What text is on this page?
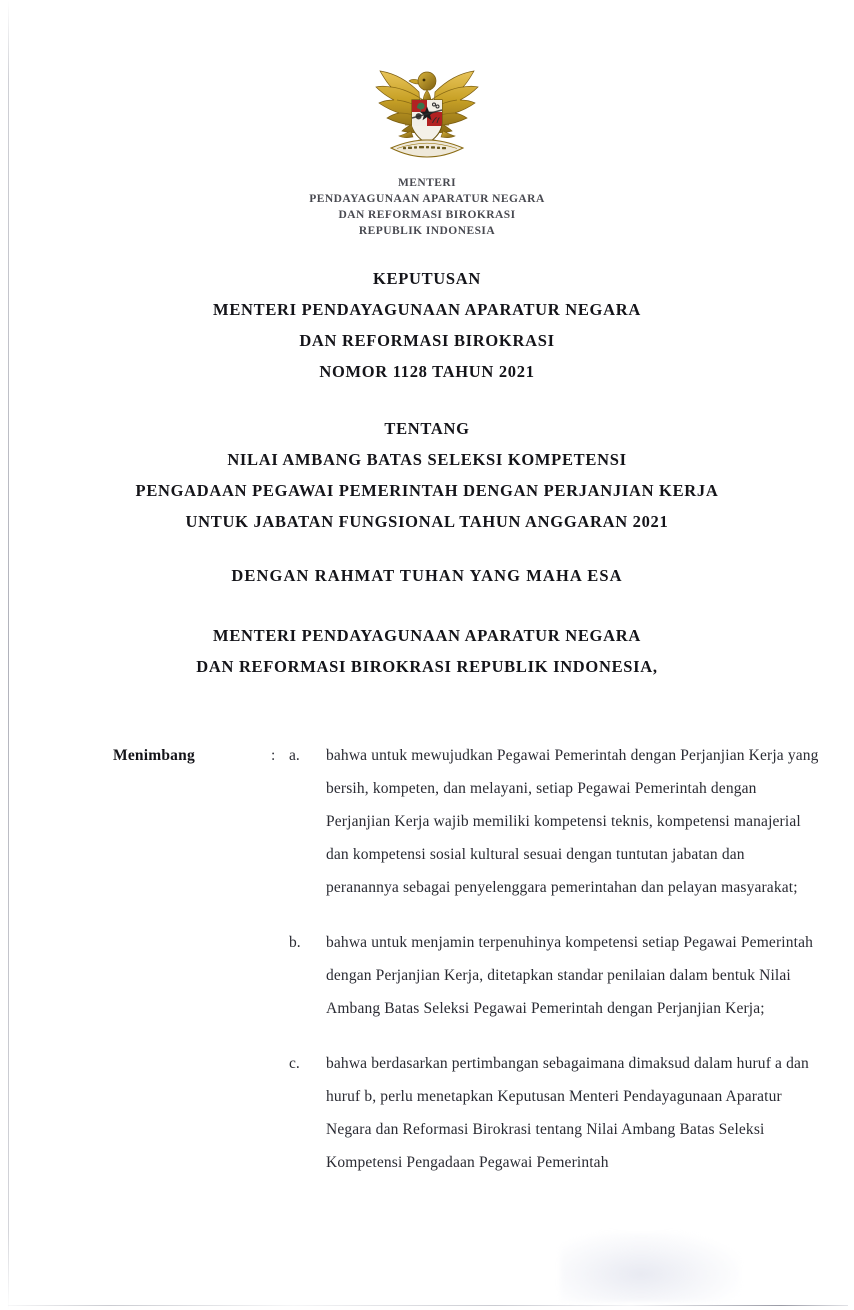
MENTERI
PENDAYAGUNAAN APARATUR NEGARA
DAN REFORMASI BIROKRASI
REPUBLIK INDONESIA
KEPUTUSAN
MENTERI PENDAYAGUNAAN APARATUR NEGARA
DAN REFORMASI BIROKRASI
NOMOR 1128 TAHUN 2021
TENTANG
NILAI AMBANG BATAS SELEKSI KOMPETENSI
PENGADAAN PEGAWAI PEMERINTAH DENGAN PERJANJIAN KERJA
UNTUK JABATAN FUNGSIONAL TAHUN ANGGARAN 2021
DENGAN RAHMAT TUHAN YANG MAHA ESA
MENTERI PENDAYAGUNAAN APARATUR NEGARA
DAN REFORMASI BIROKRASI REPUBLIK INDONESIA,
Menimbang	: a. bahwa untuk mewujudkan Pegawai Pemerintah dengan Perjanjian Kerja yang bersih, kompeten, dan melayani, setiap Pegawai Pemerintah dengan Perjanjian Kerja wajib memiliki kompetensi teknis, kompetensi manajerial dan kompetensi sosial kultural sesuai dengan tuntutan jabatan dan peranannya sebagai penyelenggara pemerintahan dan pelayan masyarakat;
b. bahwa untuk menjamin terpenuhinya kompetensi setiap Pegawai Pemerintah dengan Perjanjian Kerja, ditetapkan standar penilaian dalam bentuk Nilai Ambang Batas Seleksi Pegawai Pemerintah dengan Perjanjian Kerja;
c. bahwa berdasarkan pertimbangan sebagaimana dimaksud dalam huruf a dan huruf b, perlu menetapkan Keputusan Menteri Pendayagunaan Aparatur Negara dan Reformasi Birokrasi tentang Nilai Ambang Batas Seleksi Kompetensi Pengadaan Pegawai Pemerintah
